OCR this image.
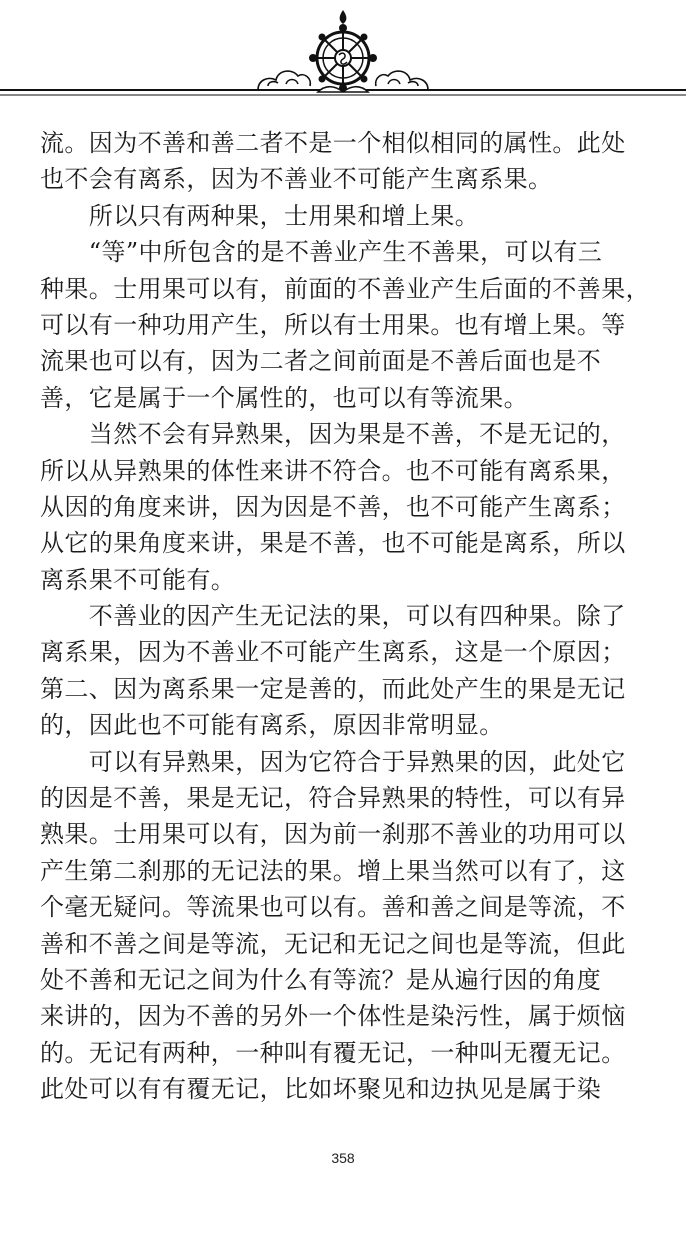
流。因为不善和善二者不是一个相似相同的属性。此处
也不会有离系，因为不善业不可能产生离系果。
　　所以只有两种果，士用果和增上果。
　　“等”中所包含的是不善业产生不善果，可以有三
种果。士用果可以有，前面的不善业产生后面的不善果，
可以有一种功用产生，所以有士用果。也有增上果。等
流果也可以有，因为二者之间前面是不善后面也是不
善，它是属于一个属性的，也可以有等流果。
　　当然不会有异熟果，因为果是不善，不是无记的，
所以从异熟果的体性来讲不符合。也不可能有离系果，
从因的角度来讲，因为因是不善，也不可能产生离系；
从它的果角度来讲，果是不善，也不可能是离系，所以
离系果不可能有。
　　不善业的因产生无记法的果，可以有四种果。除了
离系果，因为不善业不可能产生离系，这是一个原因；
第二、因为离系果一定是善的，而此处产生的果是无记
的，因此也不可能有离系，原因非常明显。
　　可以有异熟果，因为它符合于异熟果的因，此处它
的因是不善，果是无记，符合异熟果的特性，可以有异
熟果。士用果可以有，因为前一刹那不善业的功用可以
产生第二刹那的无记法的果。增上果当然可以有了，这
个毫无疑问。等流果也可以有。善和善之间是等流，不
善和不善之间是等流，无记和无记之间也是等流，但此
处不善和无记之间为什么有等流？是从遍行因的角度
来讲的，因为不善的另外一个体性是染污性，属于烦恼
的。无记有两种，一种叫有覆无记，一种叫无覆无记。
此处可以有有覆无记，比如坏聚见和边执见是属于染
358
